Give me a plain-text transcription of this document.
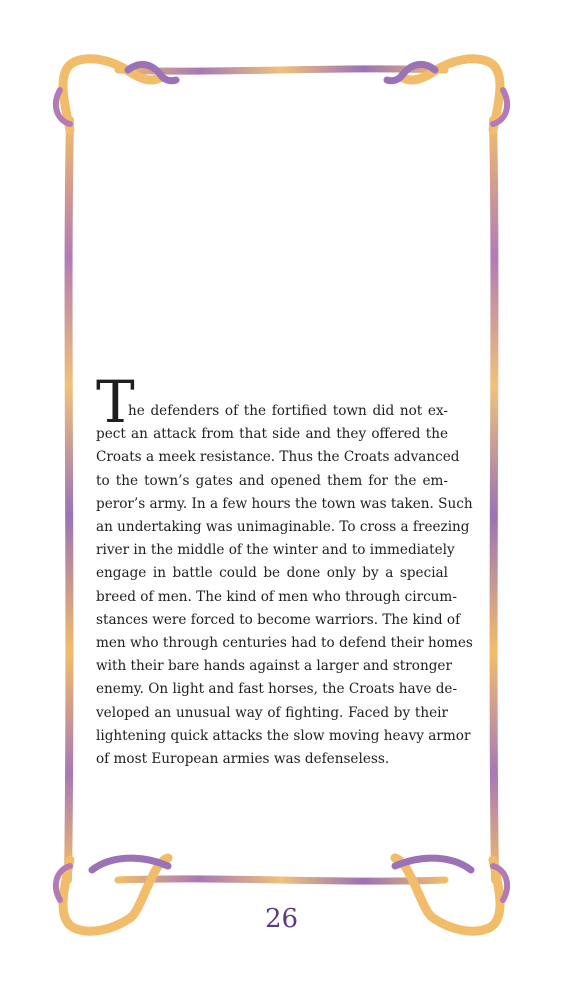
T
he defenders of the fortified town did not ex-
pect an attack from that side and they offered the
Croats a meek resistance. Thus the Croats advanced
to the town’s gates and opened them for the em-
peror’s army. In a few hours the town was taken. Such
an undertaking was unimaginable. To cross a freezing
river in the middle of the winter and to immediately
engage in battle could be done only by a special
breed of men. The kind of men who through circum-
stances were forced to become warriors. The kind of
men who through centuries had to defend their homes
with their bare hands against a larger and stronger
enemy. On light and fast horses, the Croats have de-
veloped an unusual way of fighting. Faced by their
lightening quick attacks the slow moving heavy armor
of most European armies was defenseless.
26
